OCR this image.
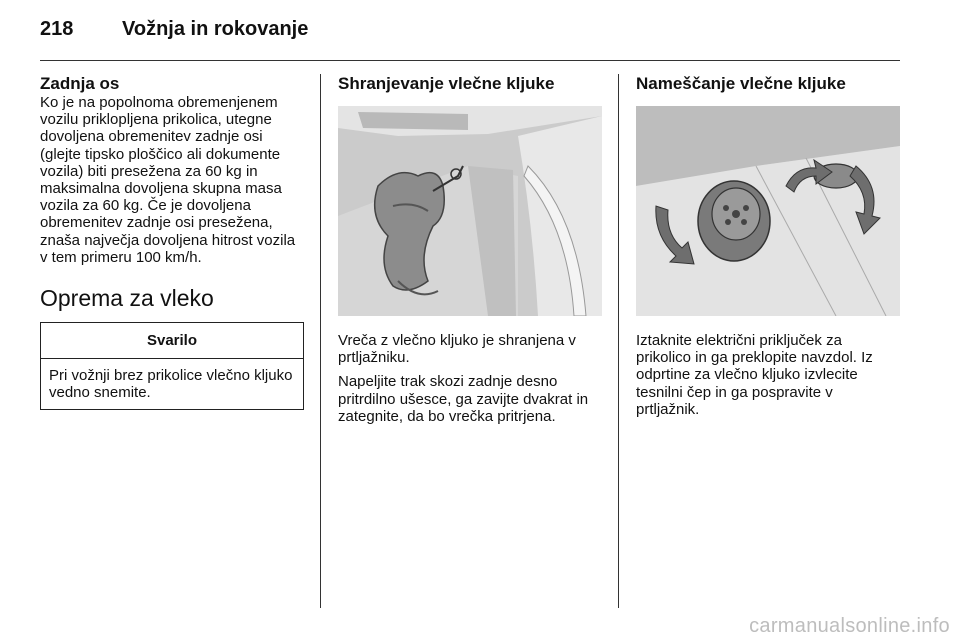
218 Vožnja in rokovanje
Zadnja os

Ko je na popolnoma obremenjenem vozilu priklopljena prikolica, utegne dovoljena obremenitev zadnje osi (glejte tipsko ploščico ali dokumente vozila) biti presežena za 60 kg in maksimalna dovoljena skupna masa vozila za 60 kg. Če je dovoljena obremenitev zadnje osi presežena, znaša največja dovoljena hitrost vozila v tem primeru 100 km/h.

Oprema za vleko
Svarilo

Pri vožnji brez prikolice vlečno kljuko vedno snemite.

Shranjevanje vlečne kljuke

Vreča z vlečno kljuko je shranjena v prtljažniku.

Napeljite trak skozi zadnje desno pritrdilno ušesce, ga zavijte dvakrat in zategnite, da bo vrečka pritrjena.

Nameščanje vlečne kljuke

Iztaknite električni priključek za prikolico in ga preklopite navzdol. Iz odprtine za vlečno kljuko izvlecite tesnilni čep in ga pospravite v prtljažnik.

carmanualsonline.info
